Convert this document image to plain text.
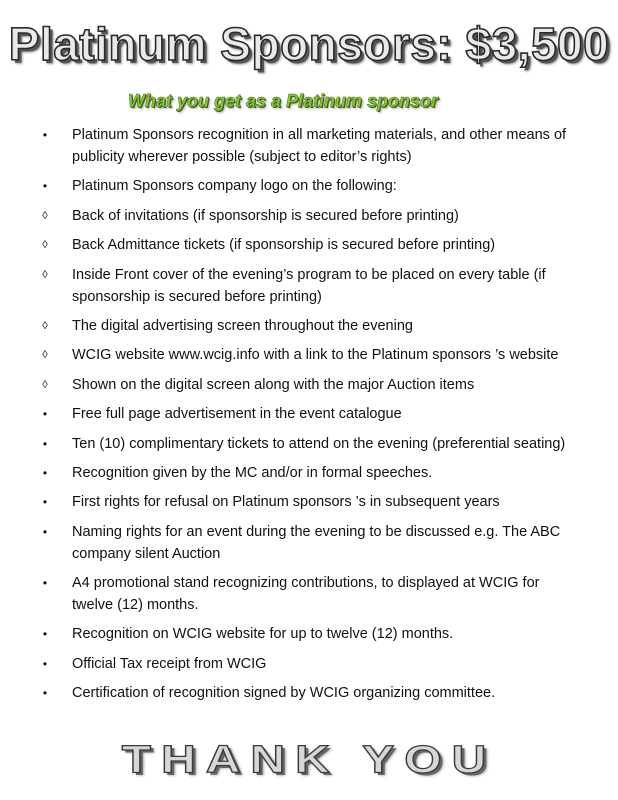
Platinum Sponsors: $3,500
What you get as a Platinum sponsor
•	Platinum Sponsors recognition in all marketing materials, and other means of publicity wherever possible (subject to editor’s rights)
•	Platinum Sponsors company logo on the following:
◊ Back of invitations (if sponsorship is secured before printing)
◊ Back Admittance tickets (if sponsorship is secured before printing)
◊ Inside Front cover of the evening’s program to be placed on every table (if sponsorship is secured before printing)
◊ The digital advertising screen throughout the evening
◊ WCIG website www.wcig.info with a link to the Platinum sponsors ’s website
◊ Shown on the digital screen along with the major Auction items
•	Free full page advertisement in the event catalogue
•	Ten (10) complimentary tickets to attend on the evening (preferential seating)
•	Recognition given by the MC and/or in formal speeches.
•	First rights for refusal on Platinum sponsors ’s in subsequent years
•	Naming rights for an event during the evening to be discussed e.g. The ABC company silent Auction
•	A4 promotional stand recognizing contributions, to displayed at WCIG for twelve (12) months.
•	Recognition on WCIG website for up to twelve (12) months.
•	Official Tax receipt from WCIG
•	Certification of recognition signed by WCIG organizing committee.
THANK YOU
